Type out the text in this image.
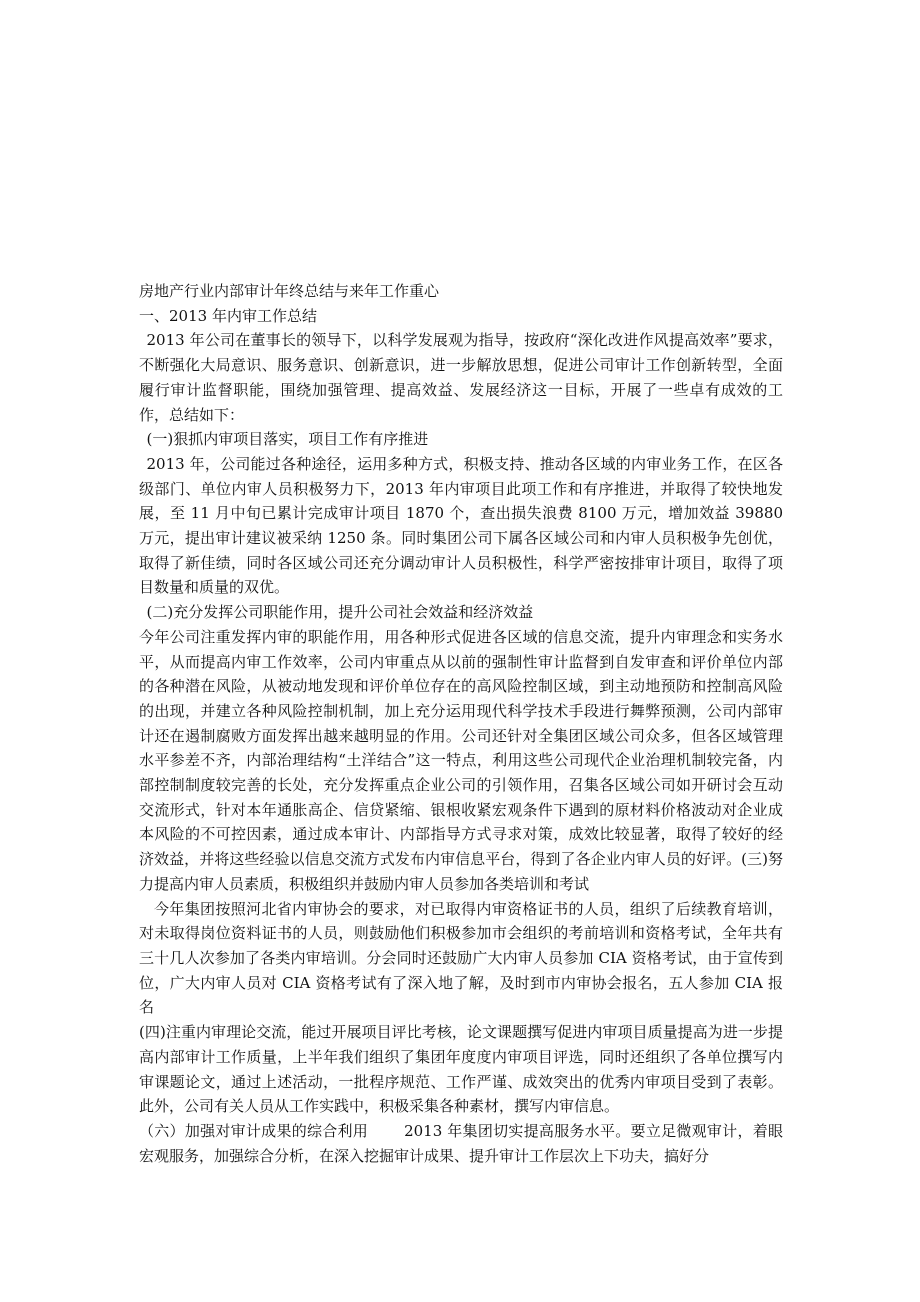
房地产行业内部审计年终总结与来年工作重心

一、2013 年内审工作总结

2013 年公司在董事长的领导下，以科学发展观为指导，按政府“深化改进作风提高效率”要求，不断强化大局意识、服务意识、创新意识，进一步解放思想，促进公司审计工作创新转型，全面履行审计监督职能，围绕加强管理、提高效益、发展经济这一目标，开展了一些卓有成效的工作，总结如下：

(一)狠抓内审项目落实，项目工作有序推进

2013 年，公司能过各种途径，运用多种方式，积极支持、推动各区域的内审业务工作，在区各级部门、单位内审人员积极努力下，2013 年内审项目此项工作和有序推进，并取得了较快地发展，至 11 月中旬已累计完成审计项目 1870 个，查出损失浪费 8100 万元，增加效益 39880 万元，提出审计建议被采纳 1250 条。同时集团公司下属各区域公司和内审人员积极争先创优，取得了新佳绩，同时各区域公司还充分调动审计人员积极性，科学严密按排审计项目，取得了项目数量和质量的双优。

(二)充分发挥公司职能作用，提升公司社会效益和经济效益

今年公司注重发挥内审的职能作用，用各种形式促进各区域的信息交流，提升内审理念和实务水平，从而提高内审工作效率，公司内审重点从以前的强制性审计监督到自发审查和评价单位内部的各种潜在风险，从被动地发现和评价单位存在的高风险控制区域，到主动地预防和控制高风险的出现，并建立各种风险控制机制，加上充分运用现代科学技术手段进行舞弊预测，公司内部审计还在遏制腐败方面发挥出越来越明显的作用。公司还针对全集团区域公司众多，但各区域管理水平参差不齐，内部治理结构“土洋结合”这一特点，利用这些公司现代企业治理机制较完备，内部控制制度较完善的长处，充分发挥重点企业公司的引领作用，召集各区域公司如开研讨会互动交流形式，针对本年通胀高企、信贷紧缩、银根收紧宏观条件下遇到的原材料价格波动对企业成本风险的不可控因素，通过成本审计、内部指导方式寻求对策，成效比较显著，取得了较好的经济效益，并将这些经验以信息交流方式发布内审信息平台，得到了各企业内审人员的好评。(三)努力提高内审人员素质，积极组织并鼓励内审人员参加各类培训和考试

今年集团按照河北省内审协会的要求，对已取得内审资格证书的人员，组织了后续教育培训，对未取得岗位资料证书的人员，则鼓励他们积极参加市会组织的考前培训和资格考试，全年共有三十几人次参加了各类内审培训。分会同时还鼓励广大内审人员参加 CIA 资格考试，由于宣传到位，广大内审人员对 CIA 资格考试有了深入地了解，及时到市内审协会报名，五人参加 CIA 报名

(四)注重内审理论交流，能过开展项目评比考核，论文课题撰写促进内审项目质量提高为进一步提高内部审计工作质量，上半年我们组织了集团年度度内审项目评选，同时还组织了各单位撰写内审课题论文，通过上述活动，一批程序规范、工作严谨、成效突出的优秀内审项目受到了表彰。此外，公司有关人员从工作实践中，积极采集各种素材，撰写内审信息。

（六）加强对审计成果的综合利用 2013 年集团切实提高服务水平。要立足微观审计，着眼宏观服务，加强综合分析，在深入挖掘审计成果、提升审计工作层次上下功夫，搞好分
